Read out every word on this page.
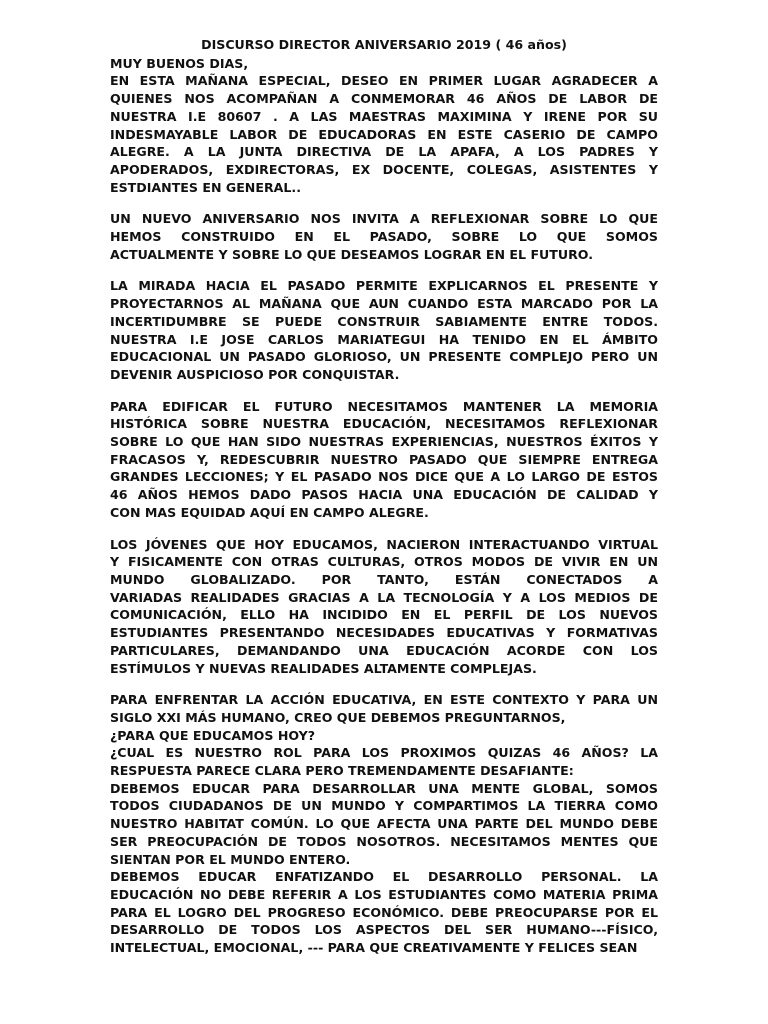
DISCURSO DIRECTOR ANIVERSARIO 2019 ( 46 años)
MUY BUENOS DIAS,
EN ESTA MAÑANA ESPECIAL, DESEO EN PRIMER LUGAR AGRADECER A
QUIENES NOS ACOMPAÑAN A CONMEMORAR 46 AÑOS DE LABOR DE
NUESTRA I.E 80607 . A LAS MAESTRAS MAXIMINA Y IRENE POR SU
INDESMAYABLE LABOR DE EDUCADORAS EN ESTE CASERIO DE CAMPO
ALEGRE. A LA JUNTA DIRECTIVA DE LA APAFA, A LOS PADRES Y
APODERADOS, EXDIRECTORAS, EX DOCENTE, COLEGAS, ASISTENTES Y
ESTDIANTES EN GENERAL..
UN NUEVO ANIVERSARIO NOS INVITA A REFLEXIONAR SOBRE LO QUE
HEMOS CONSTRUIDO EN EL PASADO, SOBRE LO QUE SOMOS
ACTUALMENTE Y SOBRE LO QUE DESEAMOS LOGRAR EN EL FUTURO.
LA MIRADA HACIA EL PASADO PERMITE EXPLICARNOS EL PRESENTE Y
PROYECTARNOS AL MAÑANA QUE AUN CUANDO ESTA MARCADO POR LA
INCERTIDUMBRE SE PUEDE CONSTRUIR SABIAMENTE ENTRE TODOS.
NUESTRA I.E JOSE CARLOS MARIATEGUI HA TENIDO EN EL ÁMBITO
EDUCACIONAL UN PASADO GLORIOSO, UN PRESENTE COMPLEJO PERO UN
DEVENIR AUSPICIOSO POR CONQUISTAR.
PARA EDIFICAR EL FUTURO NECESITAMOS MANTENER LA MEMORIA
HISTÓRICA SOBRE NUESTRA EDUCACIÓN, NECESITAMOS REFLEXIONAR
SOBRE LO QUE HAN SIDO NUESTRAS EXPERIENCIAS, NUESTROS ÉXITOS Y
FRACASOS Y, REDESCUBRIR NUESTRO PASADO QUE SIEMPRE ENTREGA
GRANDES LECCIONES; Y EL PASADO NOS DICE QUE A LO LARGO DE ESTOS
46 AÑOS HEMOS DADO PASOS HACIA UNA EDUCACIÓN DE CALIDAD Y
CON MAS EQUIDAD AQUÍ EN CAMPO ALEGRE.
LOS JÓVENES QUE HOY EDUCAMOS, NACIERON INTERACTUANDO VIRTUAL
Y FISICAMENTE CON OTRAS CULTURAS, OTROS MODOS DE VIVIR EN UN
MUNDO GLOBALIZADO. POR TANTO, ESTÁN CONECTADOS A
VARIADAS REALIDADES GRACIAS A LA TECNOLOGÍA Y A LOS MEDIOS DE
COMUNICACIÓN, ELLO HA INCIDIDO EN EL PERFIL DE LOS NUEVOS
ESTUDIANTES PRESENTANDO NECESIDADES EDUCATIVAS Y FORMATIVAS
PARTICULARES, DEMANDANDO UNA EDUCACIÓN ACORDE CON LOS
ESTÍMULOS Y NUEVAS REALIDADES ALTAMENTE COMPLEJAS.
PARA ENFRENTAR LA ACCIÓN EDUCATIVA, EN ESTE CONTEXTO Y PARA UN
SIGLO XXI MÁS HUMANO, CREO QUE DEBEMOS PREGUNTARNOS,
¿PARA QUE EDUCAMOS HOY?
¿CUAL ES NUESTRO ROL PARA LOS PROXIMOS QUIZAS 46 AÑOS? LA
RESPUESTA PARECE CLARA PERO TREMENDAMENTE DESAFIANTE:
DEBEMOS EDUCAR PARA DESARROLLAR UNA MENTE GLOBAL, SOMOS
TODOS CIUDADANOS DE UN MUNDO Y COMPARTIMOS LA TIERRA COMO
NUESTRO HABITAT COMÚN. LO QUE AFECTA UNA PARTE DEL MUNDO DEBE
SER PREOCUPACIÓN DE TODOS NOSOTROS. NECESITAMOS MENTES QUE
SIENTAN POR EL MUNDO ENTERO.
DEBEMOS EDUCAR ENFATIZANDO EL DESARROLLO PERSONAL. LA
EDUCACIÓN NO DEBE REFERIR A LOS ESTUDIANTES COMO MATERIA PRIMA
PARA EL LOGRO DEL PROGRESO ECONÓMICO. DEBE PREOCUPARSE POR EL
DESARROLLO DE TODOS LOS ASPECTOS DEL SER HUMANO---FÍSICO,
INTELECTUAL, EMOCIONAL, --- PARA QUE CREATIVAMENTE Y FELICES SEAN
